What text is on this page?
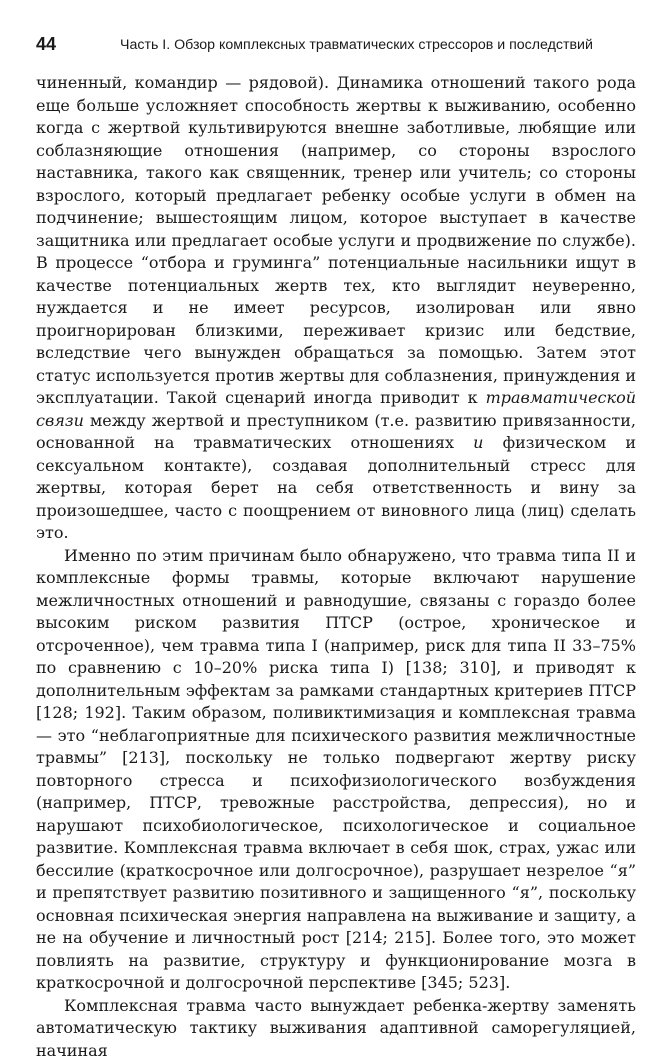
44	Часть I. Обзор комплексных травматических стрессоров и последствий

чиненный, командир — рядовой). Динамика отношений такого рода еще больше усложняет способность жертвы к выживанию, особенно когда с жертвой культивируются внешне заботливые, любящие или соблазняющие отношения (например, со стороны взрослого наставника, такого как священник, тренер или учитель; со стороны взрослого, который предлагает ребенку особые услуги в обмен на подчинение; вышестоящим лицом, которое выступает в качестве защитника или предлагает особые услуги и продвижение по службе). В процессе “отбора и груминга” потенциальные насильники ищут в качестве потенциальных жертв тех, кто выглядит неуверенно, нуждается и не имеет ресурсов, изолирован или явно проигнорирован близкими, переживает кризис или бедствие, вследствие чего вынужден обращаться за помощью. Затем этот статус используется против жертвы для соблазнения, принуждения и эксплуатации. Такой сценарий иногда приводит к травматической связи между жертвой и преступником (т.е. развитию привязанности, основанной на травматических отношениях и физическом и сексуальном контакте), создавая дополнительный стресс для жертвы, которая берет на себя ответственность и вину за произошедшее, часто с поощрением от виновного лица (лиц) сделать это.

Именно по этим причинам было обнаружено, что травма типа II и комплексные формы травмы, которые включают нарушение межличностных отношений и равнодушие, связаны с гораздо более высоким риском развития ПТСР (острое, хроническое и отсроченное), чем травма типа I (например, риск для типа II 33–75% по сравнению с 10–20% риска типа I) [138; 310], и приводят к дополнительным эффектам за рамками стандартных критериев ПТСР [128; 192]. Таким образом, поливиктимизация и комплексная травма — это “неблагоприятные для психического развития межличностные травмы” [213], поскольку не только подвергают жертву риску повторного стресса и психофизиологического возбуждения (например, ПТСР, тревожные расстройства, депрессия), но и нарушают психобиологическое, психологическое и социальное развитие. Комплексная травма включает в себя шок, страх, ужас или бессилие (краткосрочное или долгосрочное), разрушает незрелое “я” и препятствует развитию позитивного и защищенного “я”, поскольку основная психическая энергия направлена на выживание и защиту, а не на обучение и личностный рост [214; 215]. Более того, это может повлиять на развитие, структуру и функционирование мозга в краткосрочной и долгосрочной перспективе [345; 523].

Комплексная травма часто вынуждает ребенка-жертву заменять автоматическую тактику выживания адаптивной саморегуляцией, начиная
